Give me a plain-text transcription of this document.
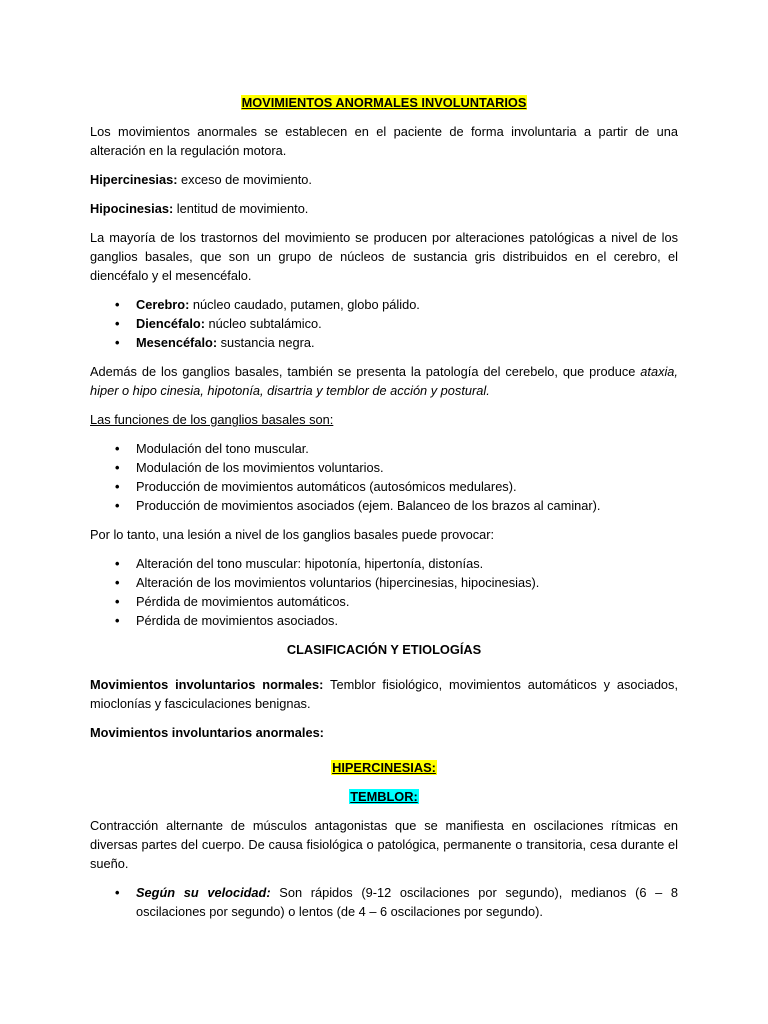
MOVIMIENTOS ANORMALES INVOLUNTARIOS

Los movimientos anormales se establecen en el paciente de forma involuntaria a partir de una alteración en la regulación motora.

Hipercinesias: exceso de movimiento.

Hipocinesias: lentitud de movimiento.

La mayoría de los trastornos del movimiento se producen por alteraciones patológicas a nivel de los ganglios basales, que son un grupo de núcleos de sustancia gris distribuidos en el cerebro, el diencéfalo y el mesencéfalo.

• Cerebro: núcleo caudado, putamen, globo pálido.
• Diencéfalo: núcleo subtalámico.
• Mesencéfalo: sustancia negra.

Además de los ganglios basales, también se presenta la patología del cerebelo, que produce ataxia, hiper o hipo cinesia, hipotonía, disartria y temblor de acción y postural.

Las funciones de los ganglios basales son:

• Modulación del tono muscular.
• Modulación de los movimientos voluntarios.
• Producción de movimientos automáticos (autosómicos medulares).
• Producción de movimientos asociados (ejem. Balanceo de los brazos al caminar).

Por lo tanto, una lesión a nivel de los ganglios basales puede provocar:

• Alteración del tono muscular: hipotonía, hipertonía, distonías.
• Alteración de los movimientos voluntarios (hipercinesias, hipocinesias).
• Pérdida de movimientos automáticos.
• Pérdida de movimientos asociados.

CLASIFICACIÓN Y ETIOLOGÍAS

Movimientos involuntarios normales: Temblor fisiológico, movimientos automáticos y asociados, mioclonías y fasciculaciones benignas.

Movimientos involuntarios anormales:

HIPERCINESIAS:

TEMBLOR:

Contracción alternante de músculos antagonistas que se manifiesta en oscilaciones rítmicas en diversas partes del cuerpo. De causa fisiológica o patológica, permanente o transitoria, cesa durante el sueño.

• Según su velocidad: Son rápidos (9-12 oscilaciones por segundo), medianos (6 – 8 oscilaciones por segundo) o lentos (de 4 – 6 oscilaciones por segundo).
